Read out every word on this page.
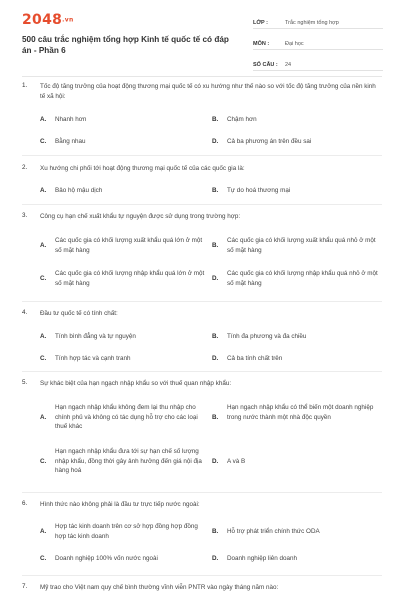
2048.vn
500 câu trắc nghiệm tổng hợp Kinh tế quốc tế có đáp án - Phần 6
LỚP :	Trắc nghiệm tổng hợp
MÔN :	Đại học
SỐ CÂU :	24
1. Tốc độ tăng trưởng của hoạt động thương mại quốc tế có xu hướng như thế nào so với tốc độ tăng trưởng của nền kinh tế xã hội:
A. Nhanh hơn	B. Chậm hơn
C. Bằng nhau	D. Cả ba phương án trên đều sai
2. Xu hướng chi phối tới hoạt động thương mại quốc tế của các quốc gia là:
A. Bảo hộ mậu dịch	B. Tự do hoá thương mại
3. Công cụ hạn chế xuất khẩu tự nguyện được sử dụng trong trường hợp:
A.
Các quốc gia có khối lượng xuất khẩu quá lớn ở một số mặt hàng
B.
Các quốc gia có khối lượng xuất khẩu quá nhỏ ở một số mặt hàng
C.
Các quốc gia có khối lượng nhập khẩu quá lớn ở một số mặt hàng
D.
Các quốc gia có khối lượng nhập khẩu quá nhỏ ở một số mặt hàng
4. Đầu tư quốc tế có tính chất:
A. Tính bình đẳng và tự nguyện	B. Tính đa phương và đa chiều
C. Tính hợp tác và cạnh tranh	D. Cả ba tính chất trên
5. Sự khác biệt của hạn ngạch nhập khẩu so với thuế quan nhập khẩu:
A.
Hạn ngạch nhập khẩu không đem lại thu nhập cho chính phủ và không có tác dụng hỗ trợ cho các loại thuế khác
B.
Hạn ngạch nhập khẩu có thể biến một doanh nghiệp trong nước thành một nhà độc quyền
C.
Hạn ngạch nhập khẩu đưa tới sự hạn chế số lượng nhập khẩu, đồng thời gây ảnh hưởng đến giá nội địa hàng hoá
D. A và B
6. Hình thức nào không phải là đầu tư trực tiếp nước ngoài:
A.
Hợp tác kinh doanh trên cơ sở hợp đồng hợp đồng hợp tác kinh doanh
B. Hỗ trợ phát triển chính thức ODA
C. Doanh nghiệp 100% vốn nước ngoài	D. Doanh nghiệp liên doanh
7. Mỹ trao cho Việt nam quy chế bình thường vĩnh viễn PNTR vào ngày tháng năm nào:
